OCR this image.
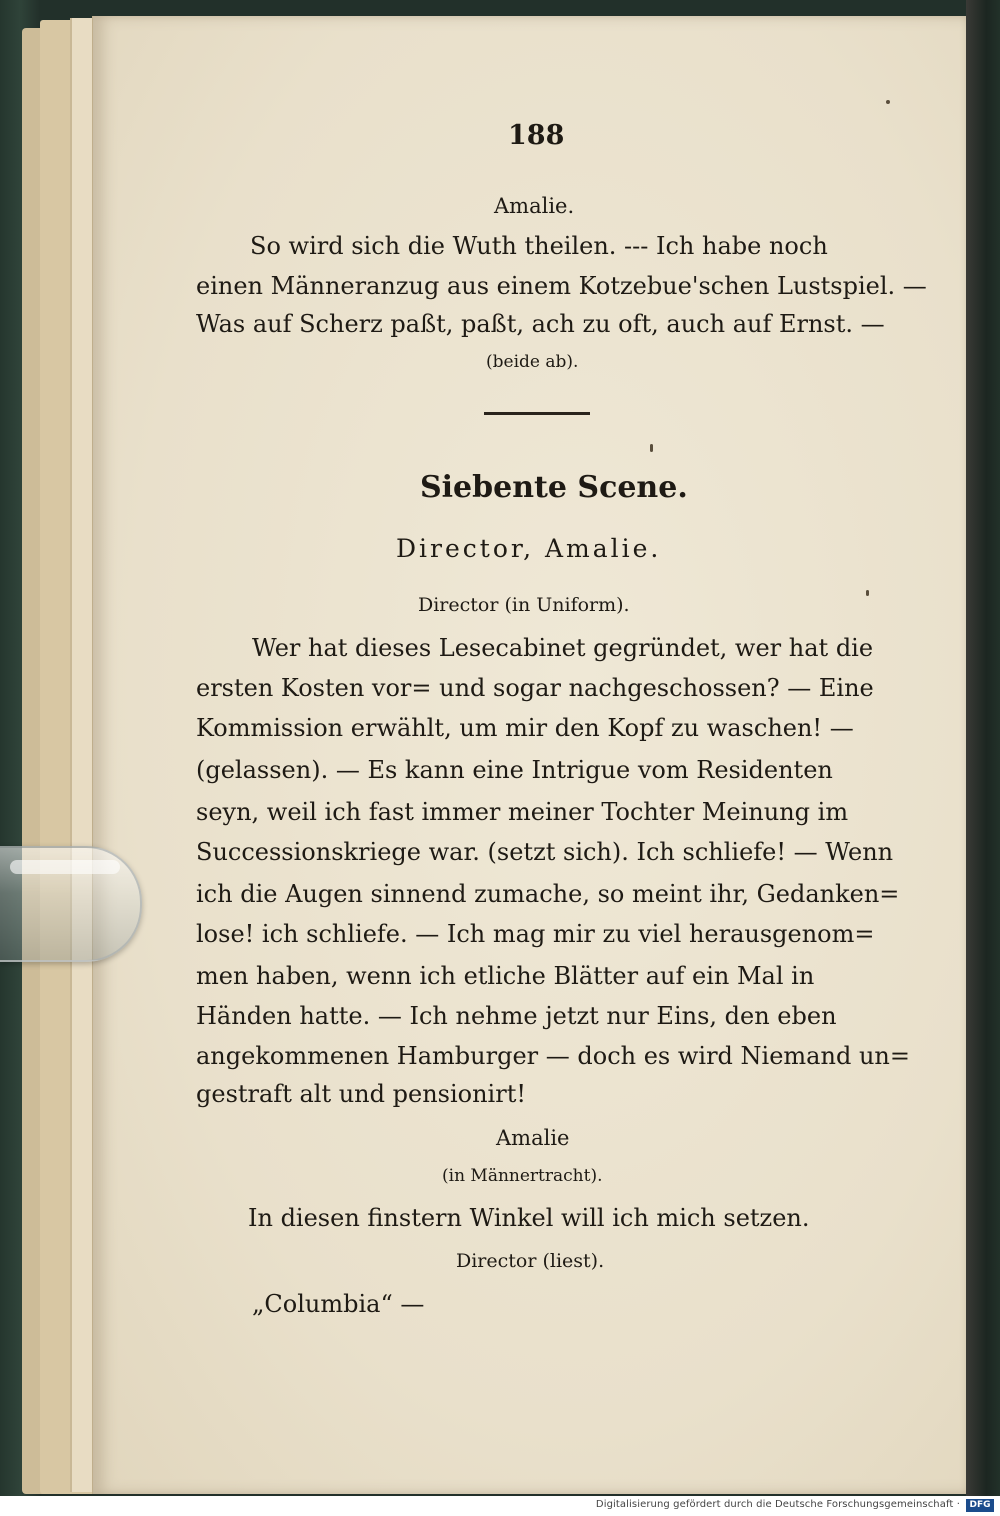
188
Amalie.
So wird sich die Wuth theilen. --- Ich habe noch
einen Männeranzug aus einem Kotzebue'schen Lustspiel. —
Was auf Scherz paßt, paßt, ach zu oft, auch auf Ernst. —
(beide ab).
Siebente Scene.
Director, Amalie.
Director (in Uniform).
Wer hat dieses Lesecabinet gegründet, wer hat die
ersten Kosten vor= und sogar nachgeschossen? — Eine
Kommission erwählt, um mir den Kopf zu waschen! —
(gelassen). — Es kann eine Intrigue vom Residenten
seyn, weil ich fast immer meiner Tochter Meinung im
Successionskriege war. (setzt sich). Ich schliefe! — Wenn
ich die Augen sinnend zumache, so meint ihr, Gedanken=
lose! ich schliefe. — Ich mag mir zu viel herausgenom=
men haben, wenn ich etliche Blätter auf ein Mal in
Händen hatte. — Ich nehme jetzt nur Eins, den eben
angekommenen Hamburger — doch es wird Niemand un=
gestraft alt und pensionirt!
Amalie
(in Männertracht).
In diesen finstern Winkel will ich mich setzen.
Director (liest).
„Columbia“ —
Digitalisierung gefördert durch die Deutsche Forschungsgemeinschaft ·	DFG
